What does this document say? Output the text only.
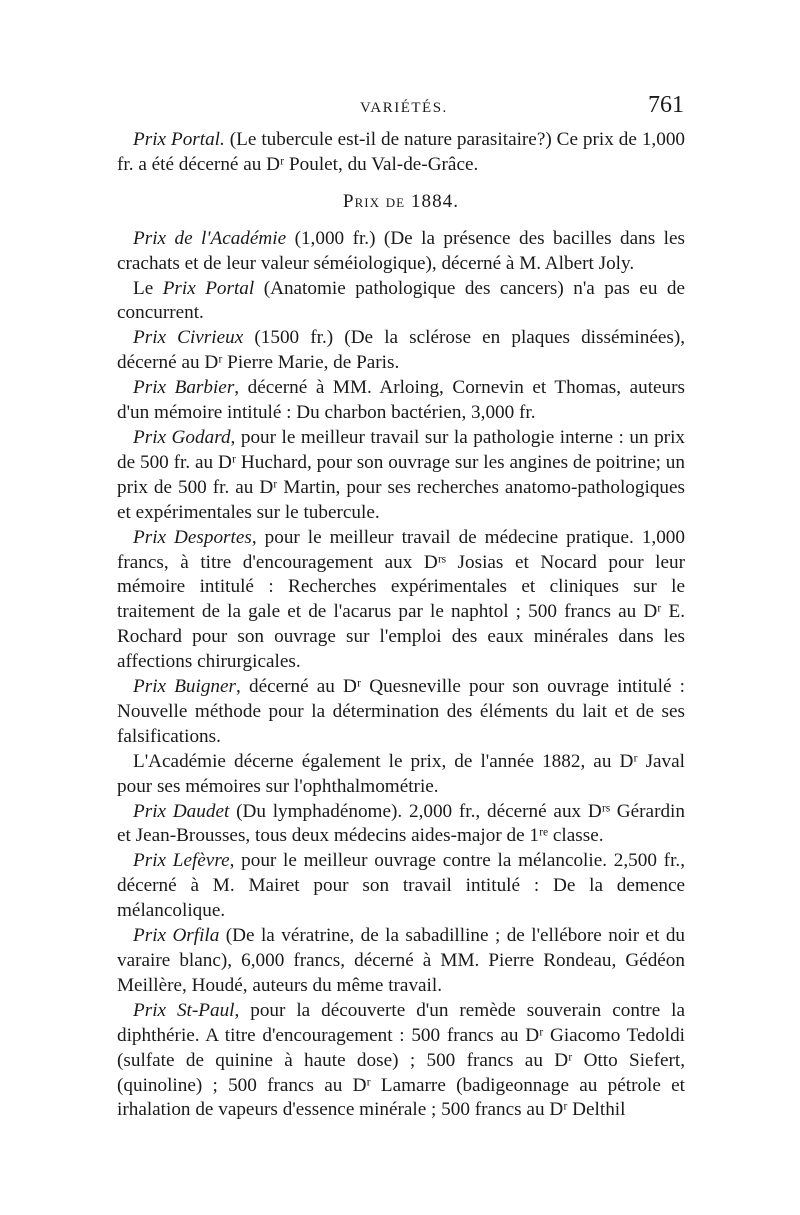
VARIÉTÉS.	761

Prix Portal. (Le tubercule est-il de nature parasitaire?) Ce prix de 1,000 fr. a été décerné au Dʳ Poulet, du Val-de-Grâce.

Prix de 1884.

Prix de l'Académie (1,000 fr.) (De la présence des bacilles dans les crachats et de leur valeur séméiologique), décerné à M. Albert Joly.

Le Prix Portal (Anatomie pathologique des cancers) n'a pas eu de concurrent.

Prix Civrieux (1500 fr.) (De la sclérose en plaques disséminées), décerné au Dʳ Pierre Marie, de Paris.

Prix Barbier, décerné à MM. Arloing, Cornevin et Thomas, auteurs d'un mémoire intitulé : Du charbon bactérien, 3,000 fr.

Prix Godard, pour le meilleur travail sur la pathologie interne : un prix de 500 fr. au Dʳ Huchard, pour son ouvrage sur les angines de poitrine; un prix de 500 fr. au Dʳ Martin, pour ses recherches anatomo-pathologiques et expérimentales sur le tubercule.

Prix Desportes, pour le meilleur travail de médecine pratique. 1,000 francs, à titre d'encouragement aux Dʳˢ Josias et Nocard pour leur mémoire intitulé : Recherches expérimentales et cliniques sur le traitement de la gale et de l'acarus par le naphtol ; 500 francs au Dʳ E. Rochard pour son ouvrage sur l'emploi des eaux minérales dans les affections chirurgicales.

Prix Buigner, décerné au Dʳ Quesneville pour son ouvrage intitulé : Nouvelle méthode pour la détermination des éléments du lait et de ses falsifications.

L'Académie décerne également le prix, de l'année 1882, au Dʳ Javal pour ses mémoires sur l'ophthalmométrie.

Prix Daudet (Du lymphadénome). 2,000 fr., décerné aux Dʳˢ Gérardin et Jean-Brousses, tous deux médecins aides-major de 1ʳᵉ classe.

Prix Lefèvre, pour le meilleur ouvrage contre la mélancolie. 2,500 fr., décerné à M. Mairet pour son travail intitulé : De la demence mélancolique.

Prix Orfila (De la vératrine, de la sabadilline ; de l'ellébore noir et du varaire blanc), 6,000 francs, décerné à MM. Pierre Rondeau, Gédéon Meillère, Houdé, auteurs du même travail.

Prix St-Paul, pour la découverte d'un remède souverain contre la diphthérie. A titre d'encouragement : 500 francs au Dʳ Giacomo Tedoldi (sulfate de quinine à haute dose) ; 500 francs au Dʳ Otto Siefert, (quinoline) ; 500 francs au Dʳ Lamarre (badigeonnage au pétrole et irhalation de vapeurs d'essence minérale ; 500 francs au Dʳ Delthil
